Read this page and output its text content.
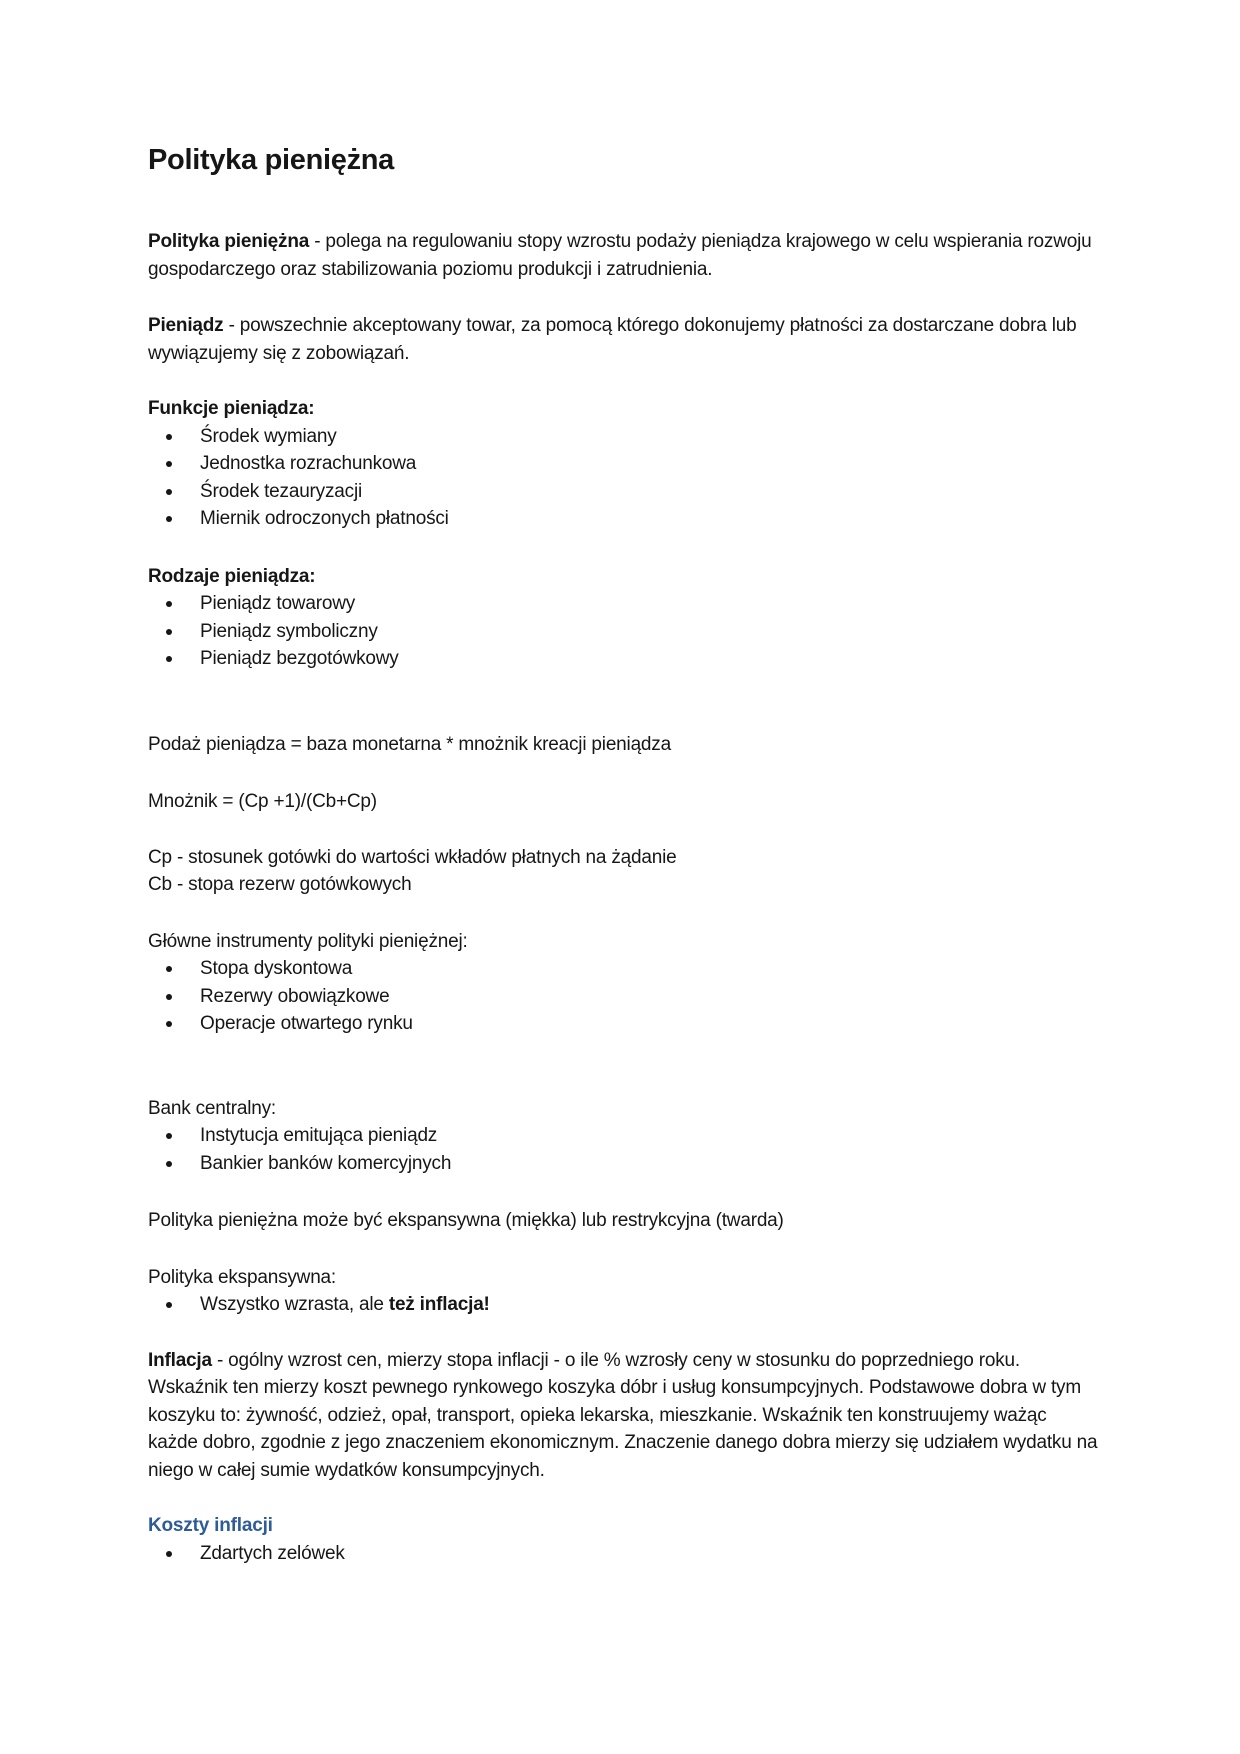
Polityka pieniężna

Polityka pieniężna - polega na regulowaniu stopy wzrostu podaży pieniądza krajowego w celu wspierania rozwoju gospodarczego oraz stabilizowania poziomu produkcji i zatrudnienia.

Pieniądz - powszechnie akceptowany towar, za pomocą którego dokonujemy płatności za dostarczane dobra lub wywiązujemy się z zobowiązań.

Funkcje pieniądza:

Środek wymiany
Jednostka rozrachunkowa
Środek tezauryzacji
Miernik odroczonych płatności

Rodzaje pieniądza:

Pieniądz towarowy
Pieniądz symboliczny
Pieniądz bezgotówkowy

Podaż pieniądza = baza monetarna * mnożnik kreacji pieniądza

Mnożnik = (Cp +1)/(Cb+Cp)

Cp - stosunek gotówki do wartości wkładów płatnych na żądanie

Cb - stopa rezerw gotówkowych

Główne instrumenty polityki pieniężnej:

Stopa dyskontowa
Rezerwy obowiązkowe
Operacje otwartego rynku

Bank centralny:

Instytucja emitująca pieniądz
Bankier banków komercyjnych

Polityka pieniężna może być ekspansywna (miękka) lub restrykcyjna (twarda)

Polityka ekspansywna:

Wszystko wzrasta, ale też inflacja!

Inflacja - ogólny wzrost cen, mierzy stopa inflacji - o ile % wzrosły ceny w stosunku do poprzedniego roku. Wskaźnik ten mierzy koszt pewnego rynkowego koszyka dóbr i usług konsumpcyjnych. Podstawowe dobra w tym koszyku to: żywność, odzież, opał, transport, opieka lekarska, mieszkanie. Wskaźnik ten konstruujemy ważąc każde dobro, zgodnie z jego znaczeniem ekonomicznym. Znaczenie danego dobra mierzy się udziałem wydatku na niego w całej sumie wydatków konsumpcyjnych.

Koszty inflacji

Zdartych zelówek
